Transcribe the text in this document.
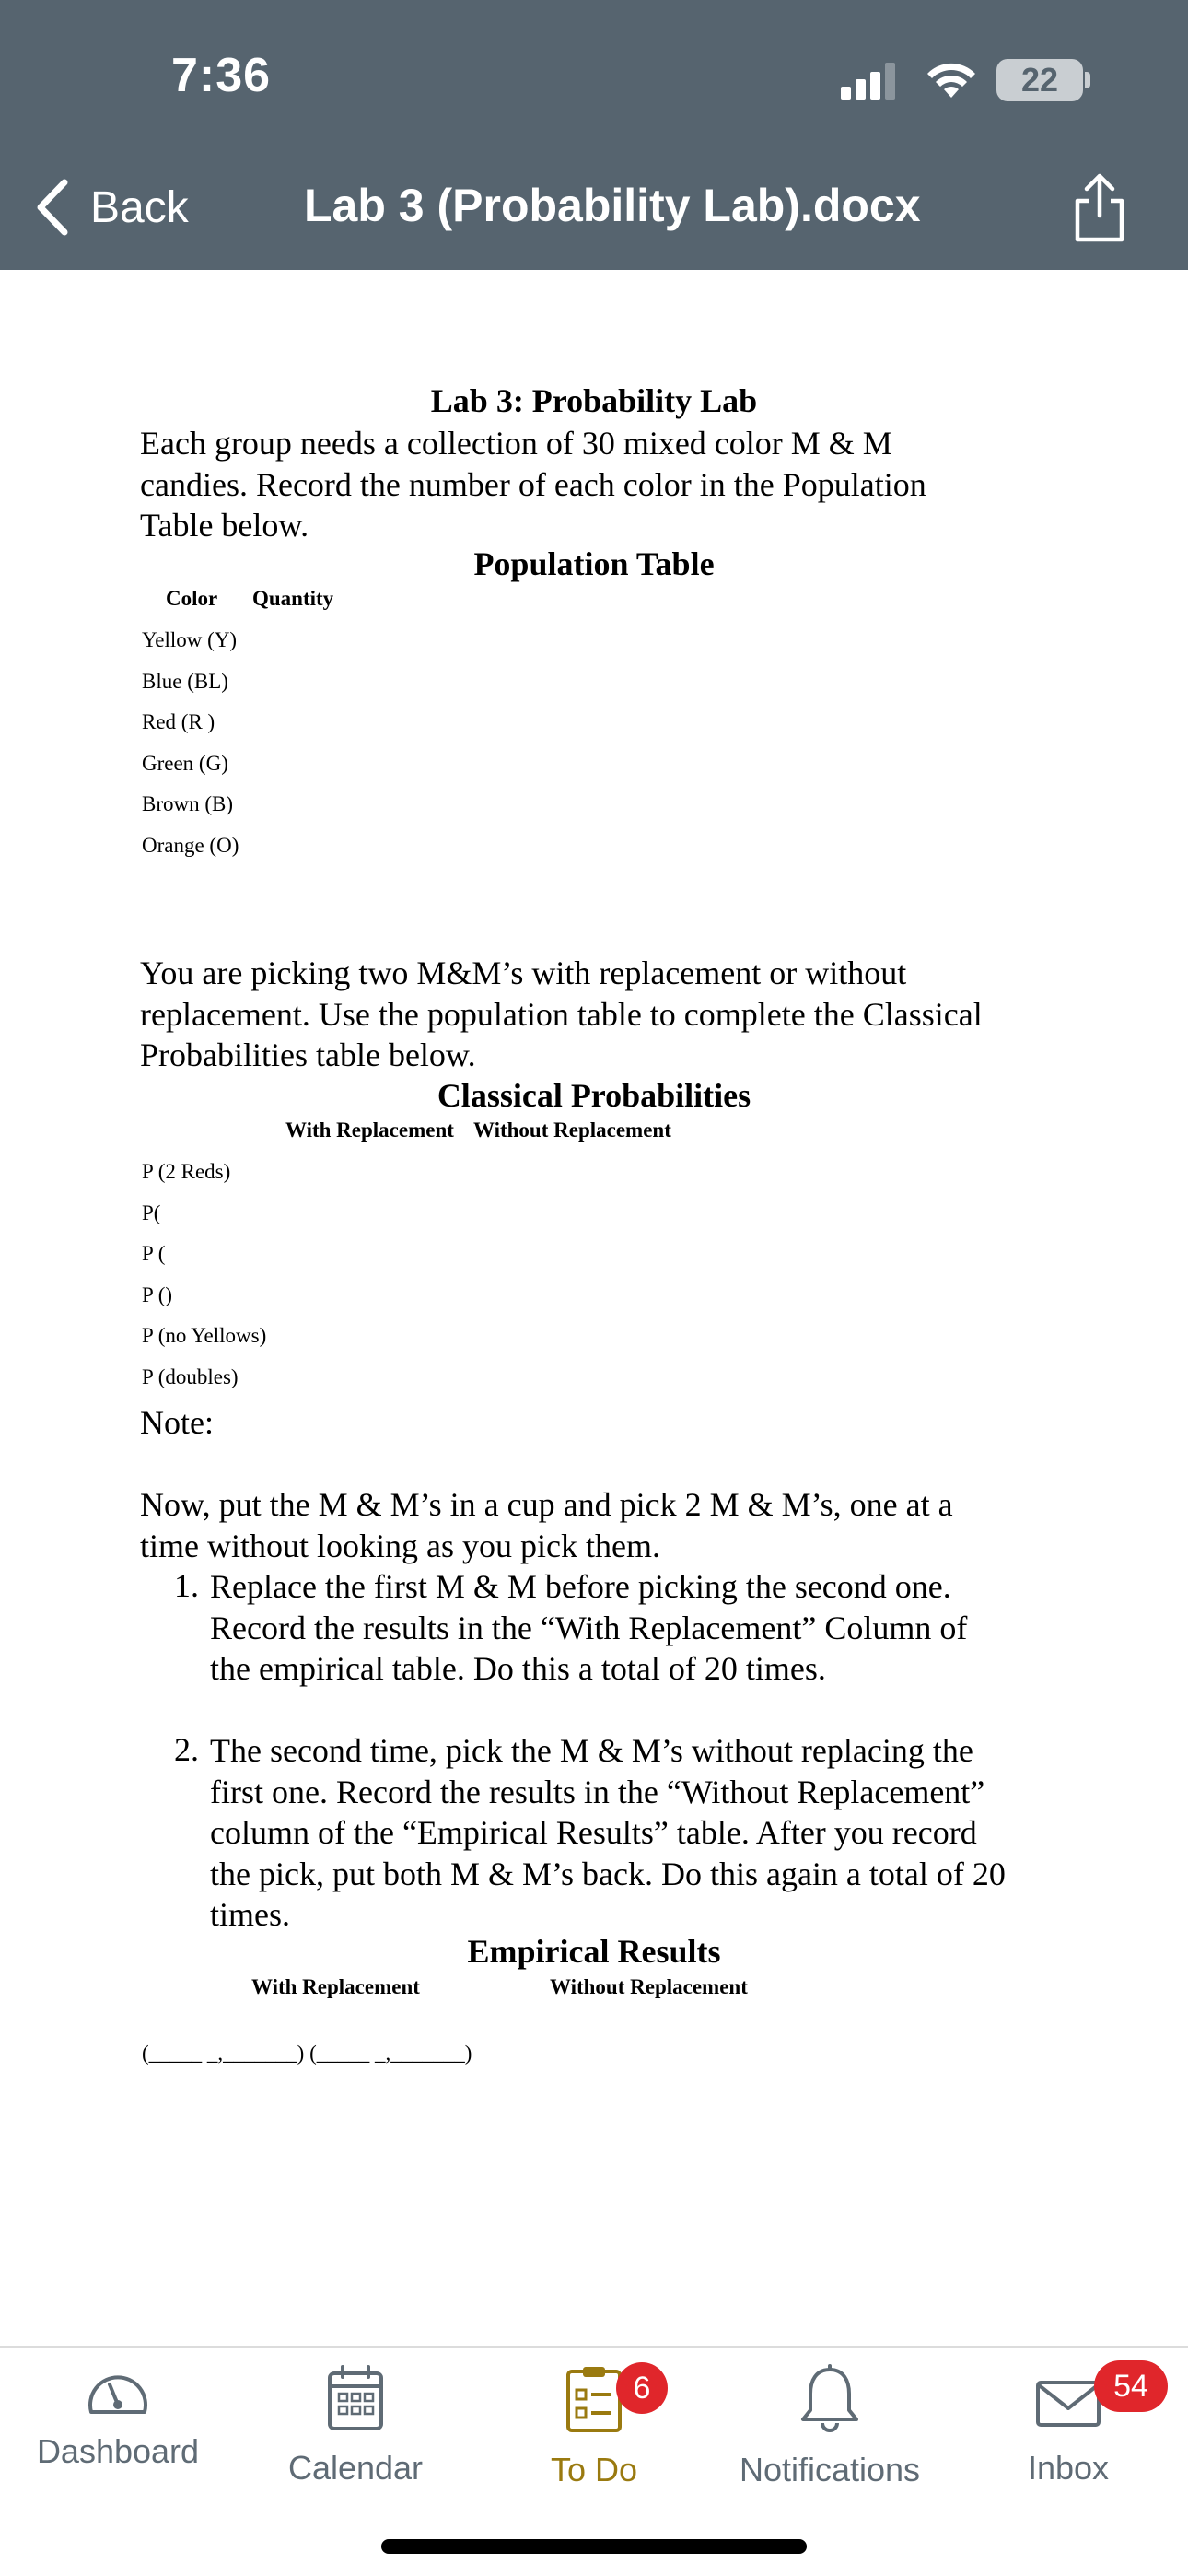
7:36	22
Back	Lab 3 (Probability Lab).docx
Lab 3: Probability Lab
Each group needs a collection of 30 mixed color M & M
candies. Record the number of each color in the Population
Table below.
Population Table
Color Quantity
Yellow (Y)
Blue (BL)
Red (R )
Green (G)
Brown (B)
Orange (O)
You are picking two M&M’s with replacement or without
replacement. Use the population table to complete the Classical
Probabilities table below.
Classical Probabilities
With Replacement Without Replacement
P (2 Reds)
P(
P (
P ()
P (no Yellows)
P (doubles)
Note:
Now, put the M & M’s in a cup and pick 2 M & M’s, one at a
time without looking as you pick them.
1. Replace the first M & M before picking the second one.
Record the results in the “With Replacement” Column of
the empirical table. Do this a total of 20 times.
2. The second time, pick the M & M’s without replacing the
first one. Record the results in the “Without Replacement”
column of the “Empirical Results” table. After you record
the pick, put both M & M’s back. Do this again a total of 20
times.
Empirical Results
With Replacement	Without Replacement
(_____ _,_______) (_____ _,_______)
Dashboard	Calendar	To Do
6
Notifications	Inbox
54
